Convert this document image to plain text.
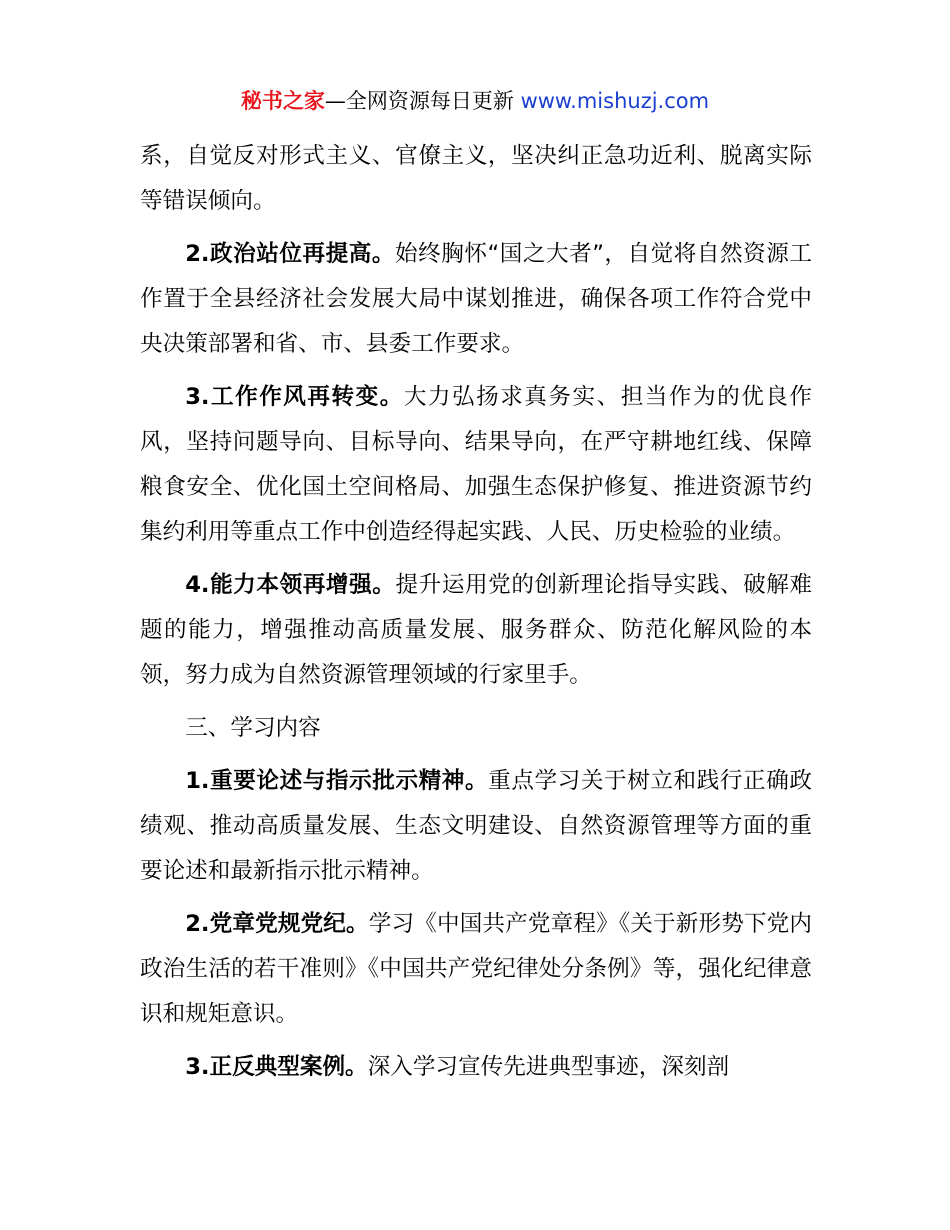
秘书之家—全网资源每日更新 www.mishuzj.com

系，自觉反对形式主义、官僚主义，坚决纠正急功近利、脱离实际等错误倾向。

2.政治站位再提高。始终胸怀“国之大者”，自觉将自然资源工作置于全县经济社会发展大局中谋划推进，确保各项工作符合党中央决策部署和省、市、县委工作要求。

3.工作作风再转变。大力弘扬求真务实、担当作为的优良作风，坚持问题导向、目标导向、结果导向，在严守耕地红线、保障粮食安全、优化国土空间格局、加强生态保护修复、推进资源节约集约利用等重点工作中创造经得起实践、人民、历史检验的业绩。

4.能力本领再增强。提升运用党的创新理论指导实践、破解难题的能力，增强推动高质量发展、服务群众、防范化解风险的本领，努力成为自然资源管理领域的行家里手。

三、学习内容

1.重要论述与指示批示精神。重点学习关于树立和践行正确政绩观、推动高质量发展、生态文明建设、自然资源管理等方面的重要论述和最新指示批示精神。

2.党章党规党纪。学习《中国共产党章程》《关于新形势下党内政治生活的若干准则》《中国共产党纪律处分条例》等，强化纪律意识和规矩意识。

3.正反典型案例。深入学习宣传先进典型事迹，深刻剖
